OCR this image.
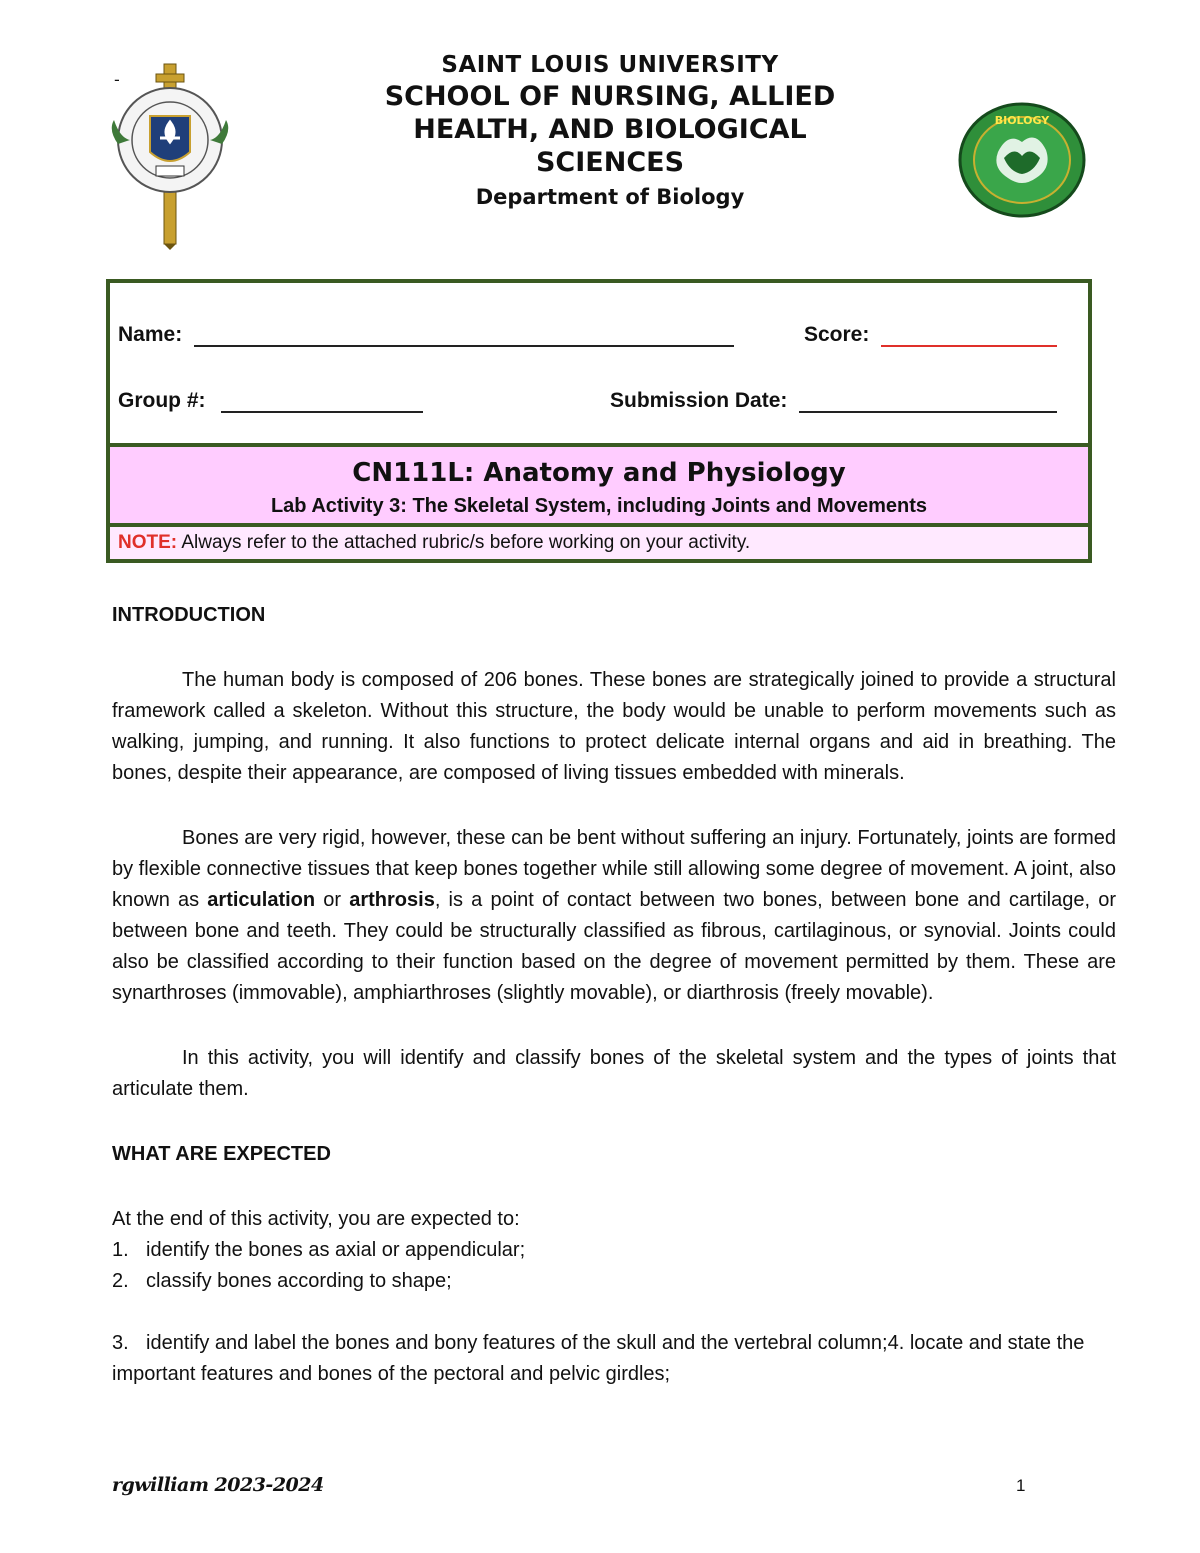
-

SAINT LOUIS UNIVERSITY

SCHOOL OF NURSING, ALLIED

HEALTH, AND BIOLOGICAL

SCIENCES

Department of Biology

BIOLOGY
Name:	Score:
Group #:	Submission Date:

CN111L: Anatomy and Physiology

Lab Activity 3: The Skeletal System, including Joints and Movements

NOTE: Always refer to the attached rubric/s before working on your activity.

INTRODUCTION

The human body is composed of 206 bones. These bones are strategically joined to provide a structural framework called a skeleton. Without this structure, the body would be unable to perform movements such as walking, jumping, and running. It also functions to protect delicate internal organs and aid in breathing. The bones, despite their appearance, are composed of living tissues embedded with minerals.

Bones are very rigid, however, these can be bent without suffering an injury. Fortunately, joints are formed by flexible connective tissues that keep bones together while still allowing some degree of movement. A joint, also known as articulation or arthrosis, is a point of contact between two bones, between bone and cartilage, or between bone and teeth. They could be structurally classified as fibrous, cartilaginous, or synovial. Joints could also be classified according to their function based on the degree of movement permitted by them. These are synarthroses (immovable), amphiarthroses (slightly movable), or diarthrosis (freely movable).

In this activity, you will identify and classify bones of the skeletal system and the types of joints that articulate them.

WHAT ARE EXPECTED

At the end of this activity, you are expected to:

1. identify the bones as axial or appendicular;
2. classify bones according to shape;
3. identify and label the bones and bony features of the skull and the vertebral column;4. locate and state the important features and bones of the pectoral and pelvic girdles;
rgwilliam 2023-2024	1
